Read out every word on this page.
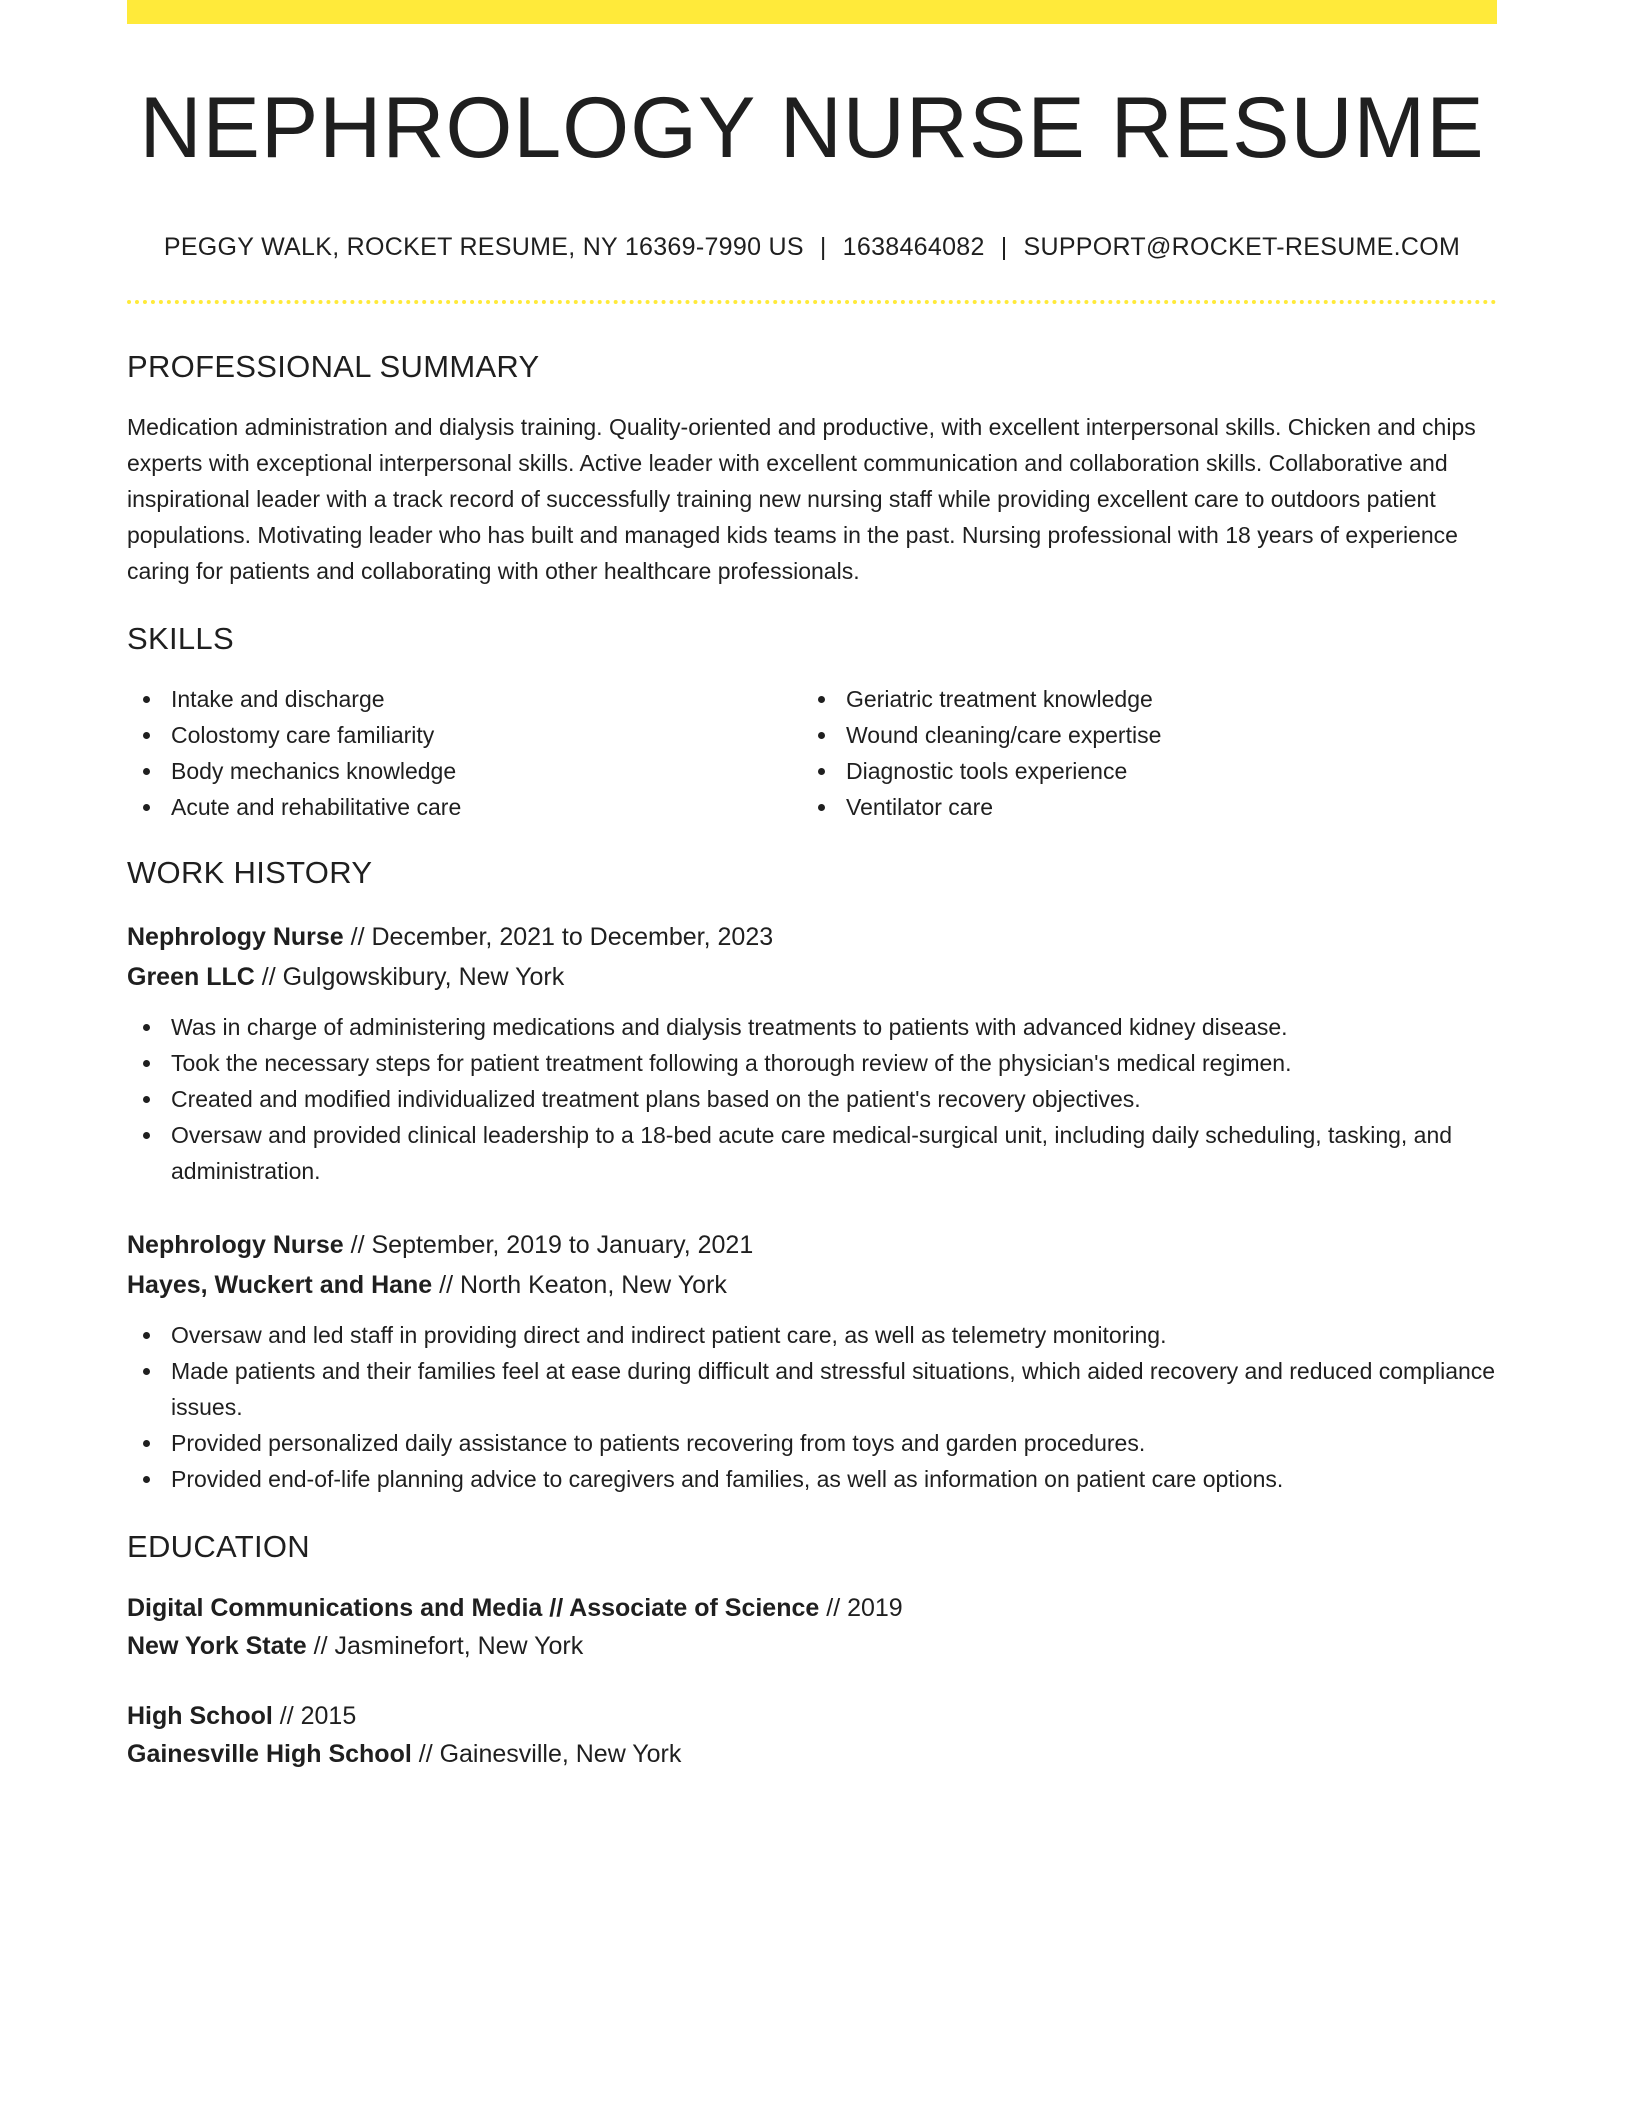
NEPHROLOGY NURSE RESUME
PEGGY WALK, ROCKET RESUME, NY 16369-7990 US | 1638464082 | SUPPORT@ROCKET-RESUME.COM
PROFESSIONAL SUMMARY

Medication administration and dialysis training. Quality-oriented and productive, with excellent interpersonal skills. Chicken and chips experts with exceptional interpersonal skills. Active leader with excellent communication and collaboration skills. Collaborative and inspirational leader with a track record of successfully training new nursing staff while providing excellent care to outdoors patient populations. Motivating leader who has built and managed kids teams in the past. Nursing professional with 18 years of experience caring for patients and collaborating with other healthcare professionals.

SKILLS
Intake and discharge
Colostomy care familiarity
Body mechanics knowledge
Acute and rehabilitative care
Geriatric treatment knowledge
Wound cleaning/care expertise
Diagnostic tools experience
Ventilator care
WORK HISTORY
Nephrology Nurse // December, 2021 to December, 2023
Green LLC // Gulgowskibury, New York
Was in charge of administering medications and dialysis treatments to patients with advanced kidney disease.
Took the necessary steps for patient treatment following a thorough review of the physician's medical regimen.
Created and modified individualized treatment plans based on the patient's recovery objectives.
Oversaw and provided clinical leadership to a 18-bed acute care medical-surgical unit, including daily scheduling, tasking, and administration.
Nephrology Nurse // September, 2019 to January, 2021
Hayes, Wuckert and Hane // North Keaton, New York
Oversaw and led staff in providing direct and indirect patient care, as well as telemetry monitoring.
Made patients and their families feel at ease during difficult and stressful situations, which aided recovery and reduced compliance issues.
Provided personalized daily assistance to patients recovering from toys and garden procedures.
Provided end-of-life planning advice to caregivers and families, as well as information on patient care options.
EDUCATION
Digital Communications and Media // Associate of Science // 2019
New York State // Jasminefort, New York
High School // 2015
Gainesville High School // Gainesville, New York
